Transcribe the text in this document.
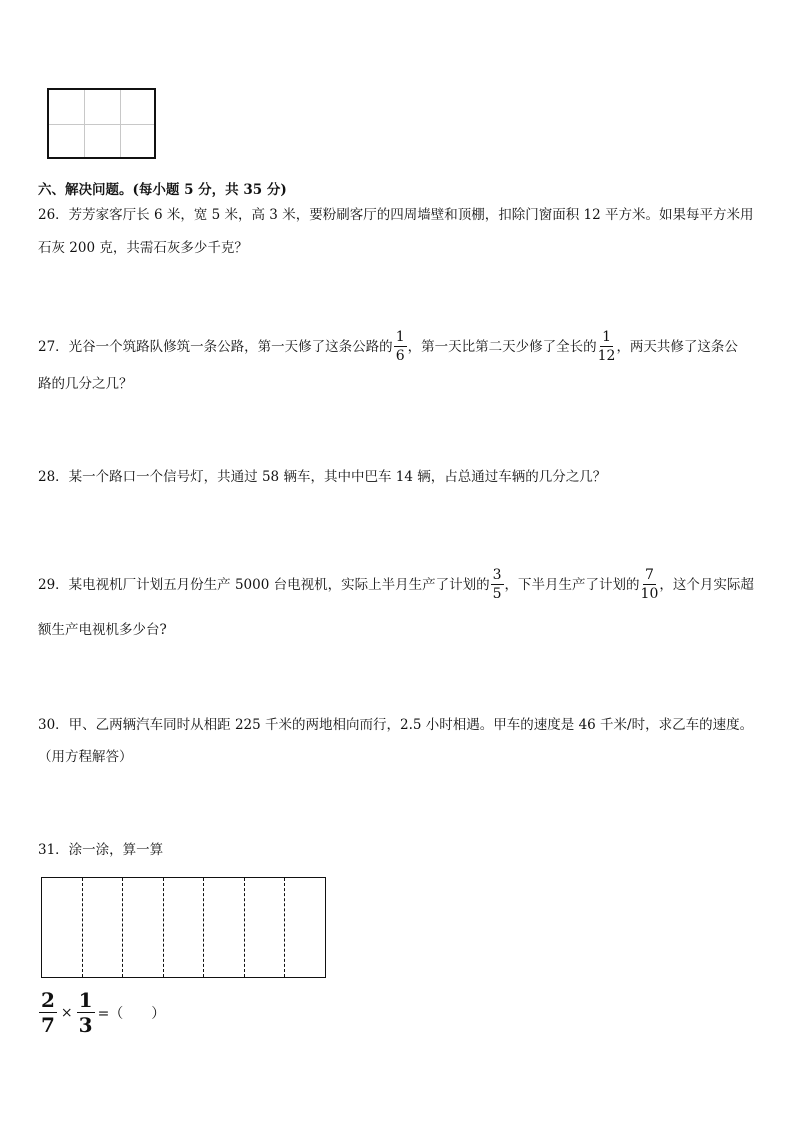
六、解决问题。(每小题 5 分，共 35 分)
26．芳芳家客厅长 6 米，宽 5 米，高 3 米，要粉刷客厅的四周墙壁和顶棚，扣除门窗面积 12 平方米。如果每平方米用
石灰 200 克，共需石灰多少千克？
27．光谷一个筑路队修筑一条公路，第一天修了这条公路的 $\frac{1}{6}$ ，第一天比第二天少修了全长的 $\frac{1}{12}$ ，两天共修了这条公
路的几分之几？
28．某一个路口一个信号灯，共通过 58 辆车，其中中巴车 14 辆，占总通过车辆的几分之几？
29．某电视机厂计划五月份生产 5000 台电视机，实际上半月生产了计划的 $\frac{3}{5}$ ，下半月生产了计划的 $\frac{7}{10}$ ，这个月实际超
额生产电视机多少台?
30．甲、乙两辆汽车同时从相距 225 千米的两地相向而行，2.5 小时相遇。甲车的速度是 46 千米/时，求乙车的速度。
（用方程解答）
31．涂一涂，算一算
$\frac{2}{7} \times \frac{1}{3}$ =（　　）
